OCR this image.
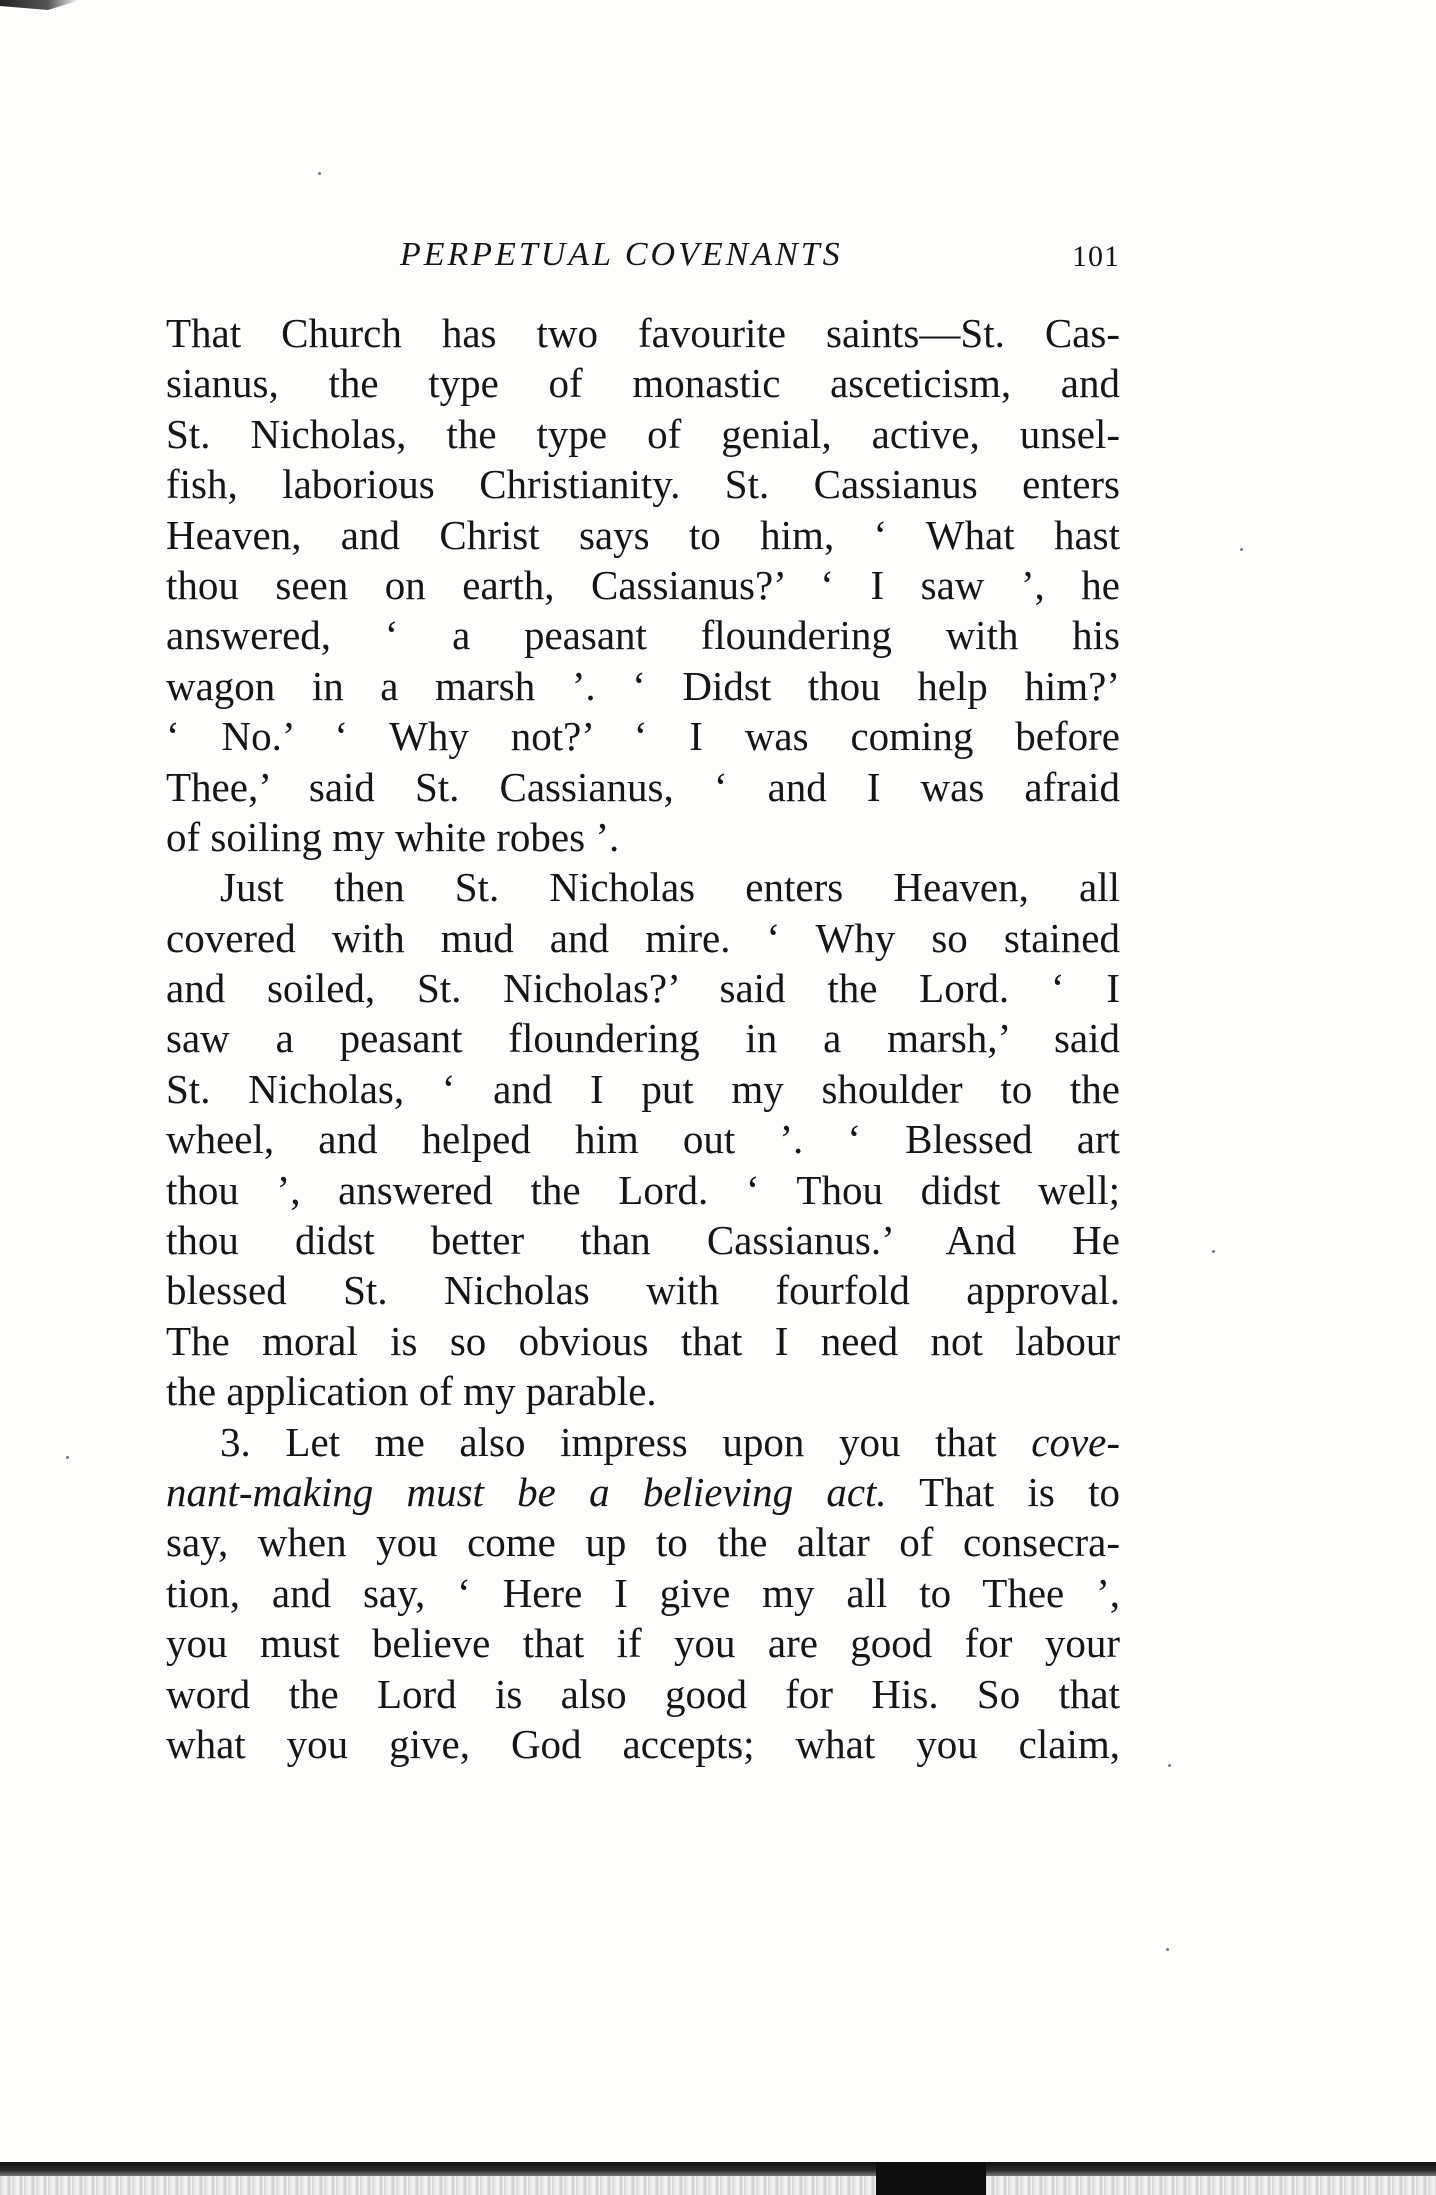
PERPETUAL COVENANTS	101
That Church has two favourite saints—St. Cas-
sianus, the type of monastic asceticism, and
St. Nicholas, the type of genial, active, unsel-
fish, laborious Christianity. St. Cassianus enters
Heaven, and Christ says to him, ‘ What hast
thou seen on earth, Cassianus?’ ‘ I saw ’, he
answered, ‘ a peasant floundering with his
wagon in a marsh ’. ‘ Didst thou help him?’
‘ No.’ ‘ Why not?’ ‘ I was coming before
Thee,’ said St. Cassianus, ‘ and I was afraid
of soiling my white robes ’.
Just then St. Nicholas enters Heaven, all
covered with mud and mire. ‘ Why so stained
and soiled, St. Nicholas?’ said the Lord. ‘ I
saw a peasant floundering in a marsh,’ said
St. Nicholas, ‘ and I put my shoulder to the
wheel, and helped him out ’. ‘ Blessed art
thou ’, answered the Lord. ‘ Thou didst well;
thou didst better than Cassianus.’ And He
blessed St. Nicholas with fourfold approval.
The moral is so obvious that I need not labour
the application of my parable.
3. Let me also impress upon you that cove-
nant-making must be a believing act. That is to
say, when you come up to the altar of consecra-
tion, and say, ‘ Here I give my all to Thee ’,
you must believe that if you are good for your
word the Lord is also good for His. So that
what you give, God accepts; what you claim,
